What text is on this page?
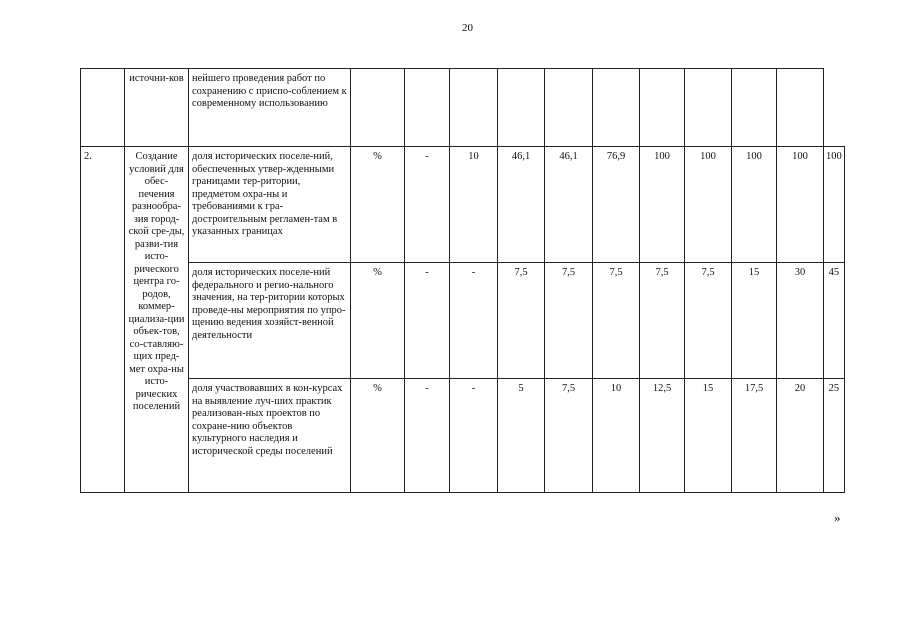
20
	источни-ков	нейшего проведения работ по сохранению с приспо-соблением к современному использованию											
2.	Создание условий для обес-печения разнообра-зия город-ской сре-ды, разви-тия исто-рического центра го-родов, коммер-циализа-ции объек-тов, со-ставляю-щих пред-мет охра-ны исто-рических поселений	доля исторических поселе-ний, обеспеченных утвер-жденными границами тер-ритории, предметом охра-ны и требованиями к гра-достроительным регламен-там в указанных границах	%	-	10	46,1	46,1	76,9	100	100	100	100	100
		доля исторических поселе-ний федерального и регио-нального значения, на тер-ритории которых проведе-ны мероприятия по упро-щению ведения хозяйст-венной деятельности	%	-	-	7,5	7,5	7,5	7,5	7,5	15	30	45
		доля участвовавших в кон-курсах на выявление луч-ших практик реализован-ных проектов по сохране-нию объектов культурного наследия и исторической среды поселений	%	-	-	5	7,5	10	12,5	15	17,5	20	25
»
